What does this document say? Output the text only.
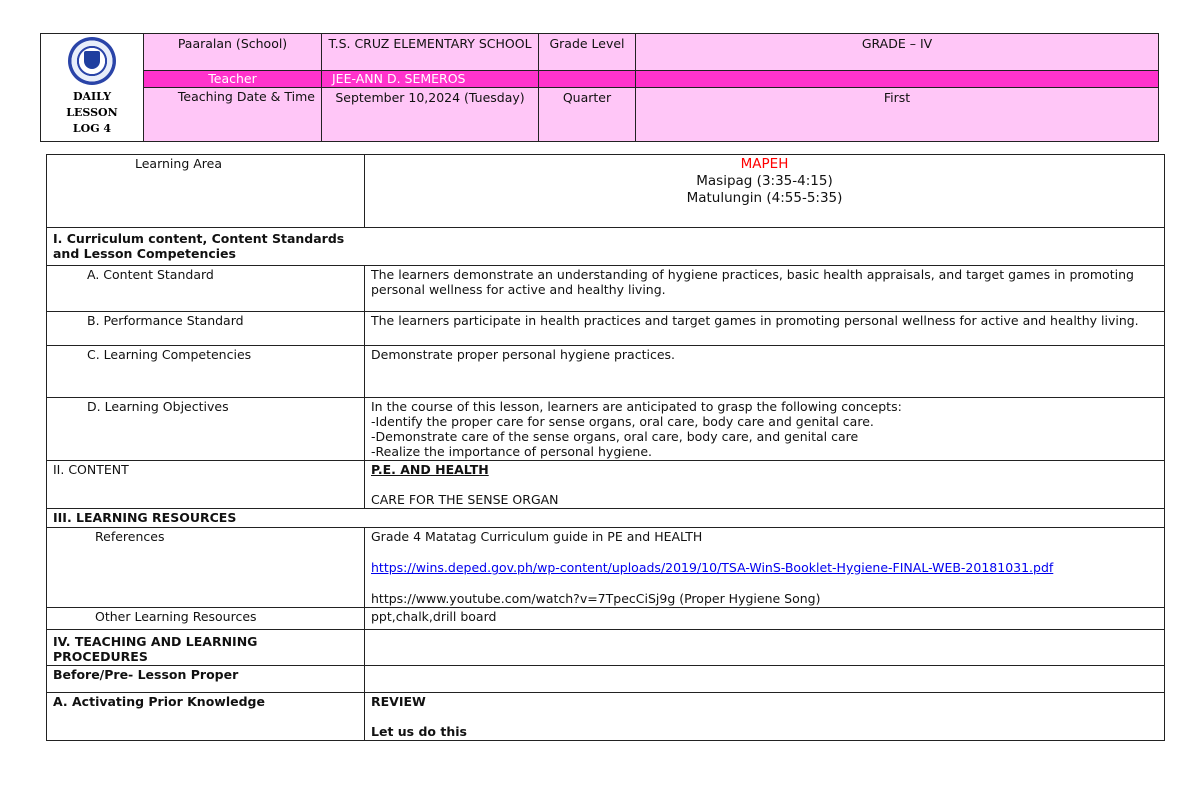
DAILY LESSON LOG 4	Paaralan (School)	T.S. CRUZ ELEMENTARY SCHOOL	Grade Level	GRADE – IV
	Teacher	JEE-ANN D. SEMEROS		
	Teaching Date & Time	September 10,2024 (Tuesday)	Quarter	First
Learning Area	MAPEH
Masipag (3:35-4:15)
Matulungin (4:55-5:35)

I. Curriculum content, Content Standards and Lesson Competencies	

A. Content Standard	The learners demonstrate an understanding of hygiene practices, basic health appraisals, and target games in promoting personal wellness for active and healthy living.
B. Performance Standard	The learners participate in health practices and target games in promoting personal wellness for active and healthy living.
C. Learning Competencies	Demonstrate proper personal hygiene practices.
D. Learning Objectives	In the course of this lesson, learners are anticipated to grasp the following concepts:
-Identify the proper care for sense organs, oral care, body care and genital care.
-Demonstrate care of the sense organs, oral care, body care, and genital care
-Realize the importance of personal hygiene.

II. CONTENT	P.E. AND HEALTH
CARE FOR THE SENSE ORGAN

III. LEARNING RESOURCES	
References	Grade 4 Matatag Curriculum guide in PE and HEALTH
https://wins.deped.gov.ph/wp-content/uploads/2019/10/TSA-WinS-Booklet-Hygiene-FINAL-WEB-20181031.pdf
https://www.youtube.com/watch?v=7TpecCiSj9g (Proper Hygiene Song)

Other Learning Resources	ppt,chalk,drill board

IV. TEACHING AND LEARNING PROCEDURES	

Before/Pre- Lesson Proper	
A. Activating Prior Knowledge	REVIEW
Let us do this
